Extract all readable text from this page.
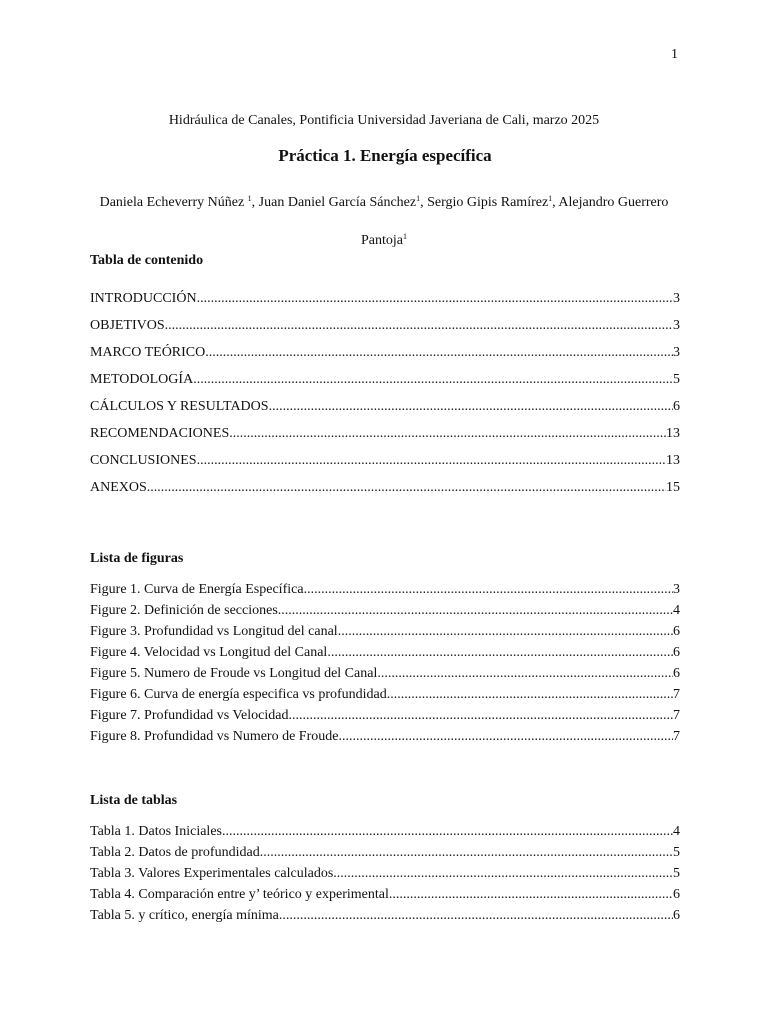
1
Hidráulica de Canales, Pontificia Universidad Javeriana de Cali, marzo 2025
Práctica 1. Energía específica
Daniela Echeverry Núñez $^1$, Juan Daniel García Sánchez$^1$, Sergio Gipis Ramírez$^1$, Alejandro Guerrero Pantoja$^1$
Tabla de contenido
INTRODUCCIÓN .....	3
OBJETIVOS .....	3
MARCO TEÓRICO .....	3
METODOLOGÍA .....	5
CÁLCULOS Y RESULTADOS .....	6
RECOMENDACIONES .....	13
CONCLUSIONES .....	13
ANEXOS .....	15
Lista de figuras
Figure 1. Curva de Energía Específica .....	3
Figure 2. Definición de secciones .....	4
Figure 3. Profundidad vs Longitud del canal .....	6
Figure 4. Velocidad vs Longitud del Canal .....	6
Figure 5. Numero de Froude vs Longitud del Canal .....	6
Figure 6. Curva de energía especifica vs profundidad .....	7
Figure 7. Profundidad vs Velocidad .....	7
Figure 8. Profundidad vs Numero de Froude .....	7
Lista de tablas
Tabla 1. Datos Iniciales .....	4
Tabla 2. Datos de profundidad .....	5
Tabla 3. Valores Experimentales calculados .....	5
Tabla 4. Comparación entre y’ teórico y experimental .....	6
Tabla 5. y crítico, energía mínima .....	6
